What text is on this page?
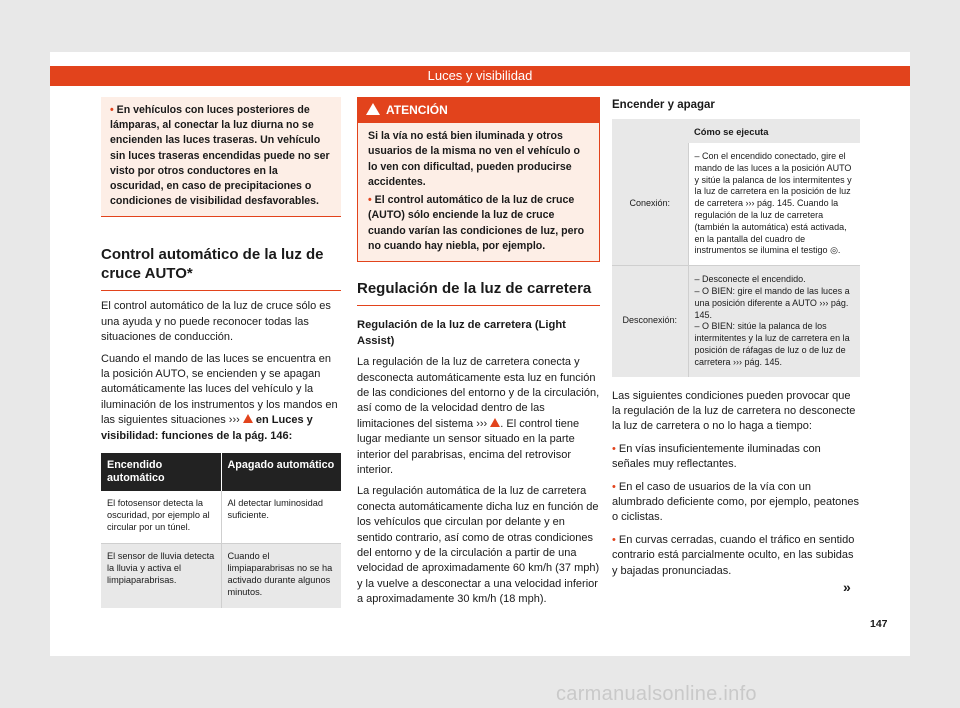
Luces y visibilidad
• En vehículos con luces posteriores de lámparas, al conectar la luz diurna no se encienden las luces traseras. Un vehículo sin luces traseras encendidas puede no ser visto por otros conductores en la oscuridad, en caso de precipitaciones o condiciones de visibilidad desfavorables.
Control automático de la luz de cruce AUTO*

El control automático de la luz de cruce sólo es una ayuda y no puede reconocer todas las situaciones de conducción.

Cuando el mando de las luces se encuentra en la posición AUTO, se encienden y se apagan automáticamente las luces del vehículo y la iluminación de los instrumentos y los mandos en las siguientes situaciones ›››  en Luces y visibilidad: funciones de la pág. 146:

Encendido automático	Apagado automático
El fotosensor detecta la oscuridad, por ejemplo al circular por un túnel.	Al detectar luminosidad suficiente.
El sensor de lluvia detecta la lluvia y activa el limpiaparabrisas.	Cuando el limpiaparabrisas no se ha activado durante algunos minutos.
ATENCIÓN
Si la vía no está bien iluminada y otros usuarios de la misma no ven el vehículo o lo ven con dificultad, pueden producirse accidentes.
• El control automático de la luz de cruce (AUTO) sólo enciende la luz de cruce cuando varían las condiciones de luz, pero no cuando hay niebla, por ejemplo.
Regulación de la luz de carretera
Regulación de la luz de carretera (Light Assist)

La regulación de la luz de carretera conecta y desconecta automáticamente esta luz en función de las condiciones del entorno y de la circulación, así como de la velocidad dentro de las limitaciones del sistema ››› . El control tiene lugar mediante un sensor situado en la parte interior del parabrisas, encima del retrovisor interior.

La regulación automática de la luz de carretera conecta automáticamente dicha luz en función de los vehículos que circulan por delante y en sentido contrario, así como de otras condiciones del entorno y de la circulación a partir de una velocidad de aproximadamente 60 km/h (37 mph) y la vuelve a desconectar a una velocidad inferior a aproximadamente 30 km/h (18 mph).

Encender y apagar
	Cómo se ejecuta
Conexión:	– Con el encendido conectado, gire el mando de las luces a la posición AUTO y sitúe la palanca de los intermitentes y la luz de carretera en la posición de luz de carretera ››› pág. 145. Cuando la regulación de la luz de carretera (también la automática) está activada, en la pantalla del cuadro de instrumentos se ilumina el testigo ◎.
Desconexión:	– Desconecte el encendido.
– O BIEN: gire el mando de las luces a una posición diferente a AUTO ››› pág. 145.
– O BIEN: sitúe la palanca de los intermitentes y la luz de carretera en la posición de ráfagas de luz o de luz de carretera ››› pág. 145.

Las siguientes condiciones pueden provocar que la regulación de la luz de carretera no desconecte la luz de carretera o no lo haga a tiempo:

• En vías insuficientemente iluminadas con señales muy reflectantes.
• En el caso de usuarios de la vía con un alumbrado deficiente como, por ejemplo, peatones o ciclistas.
• En curvas cerradas, cuando el tráfico en sentido contrario está parcialmente oculto, en las subidas y bajadas pronunciadas.
»
147
carmanualsonline.info
